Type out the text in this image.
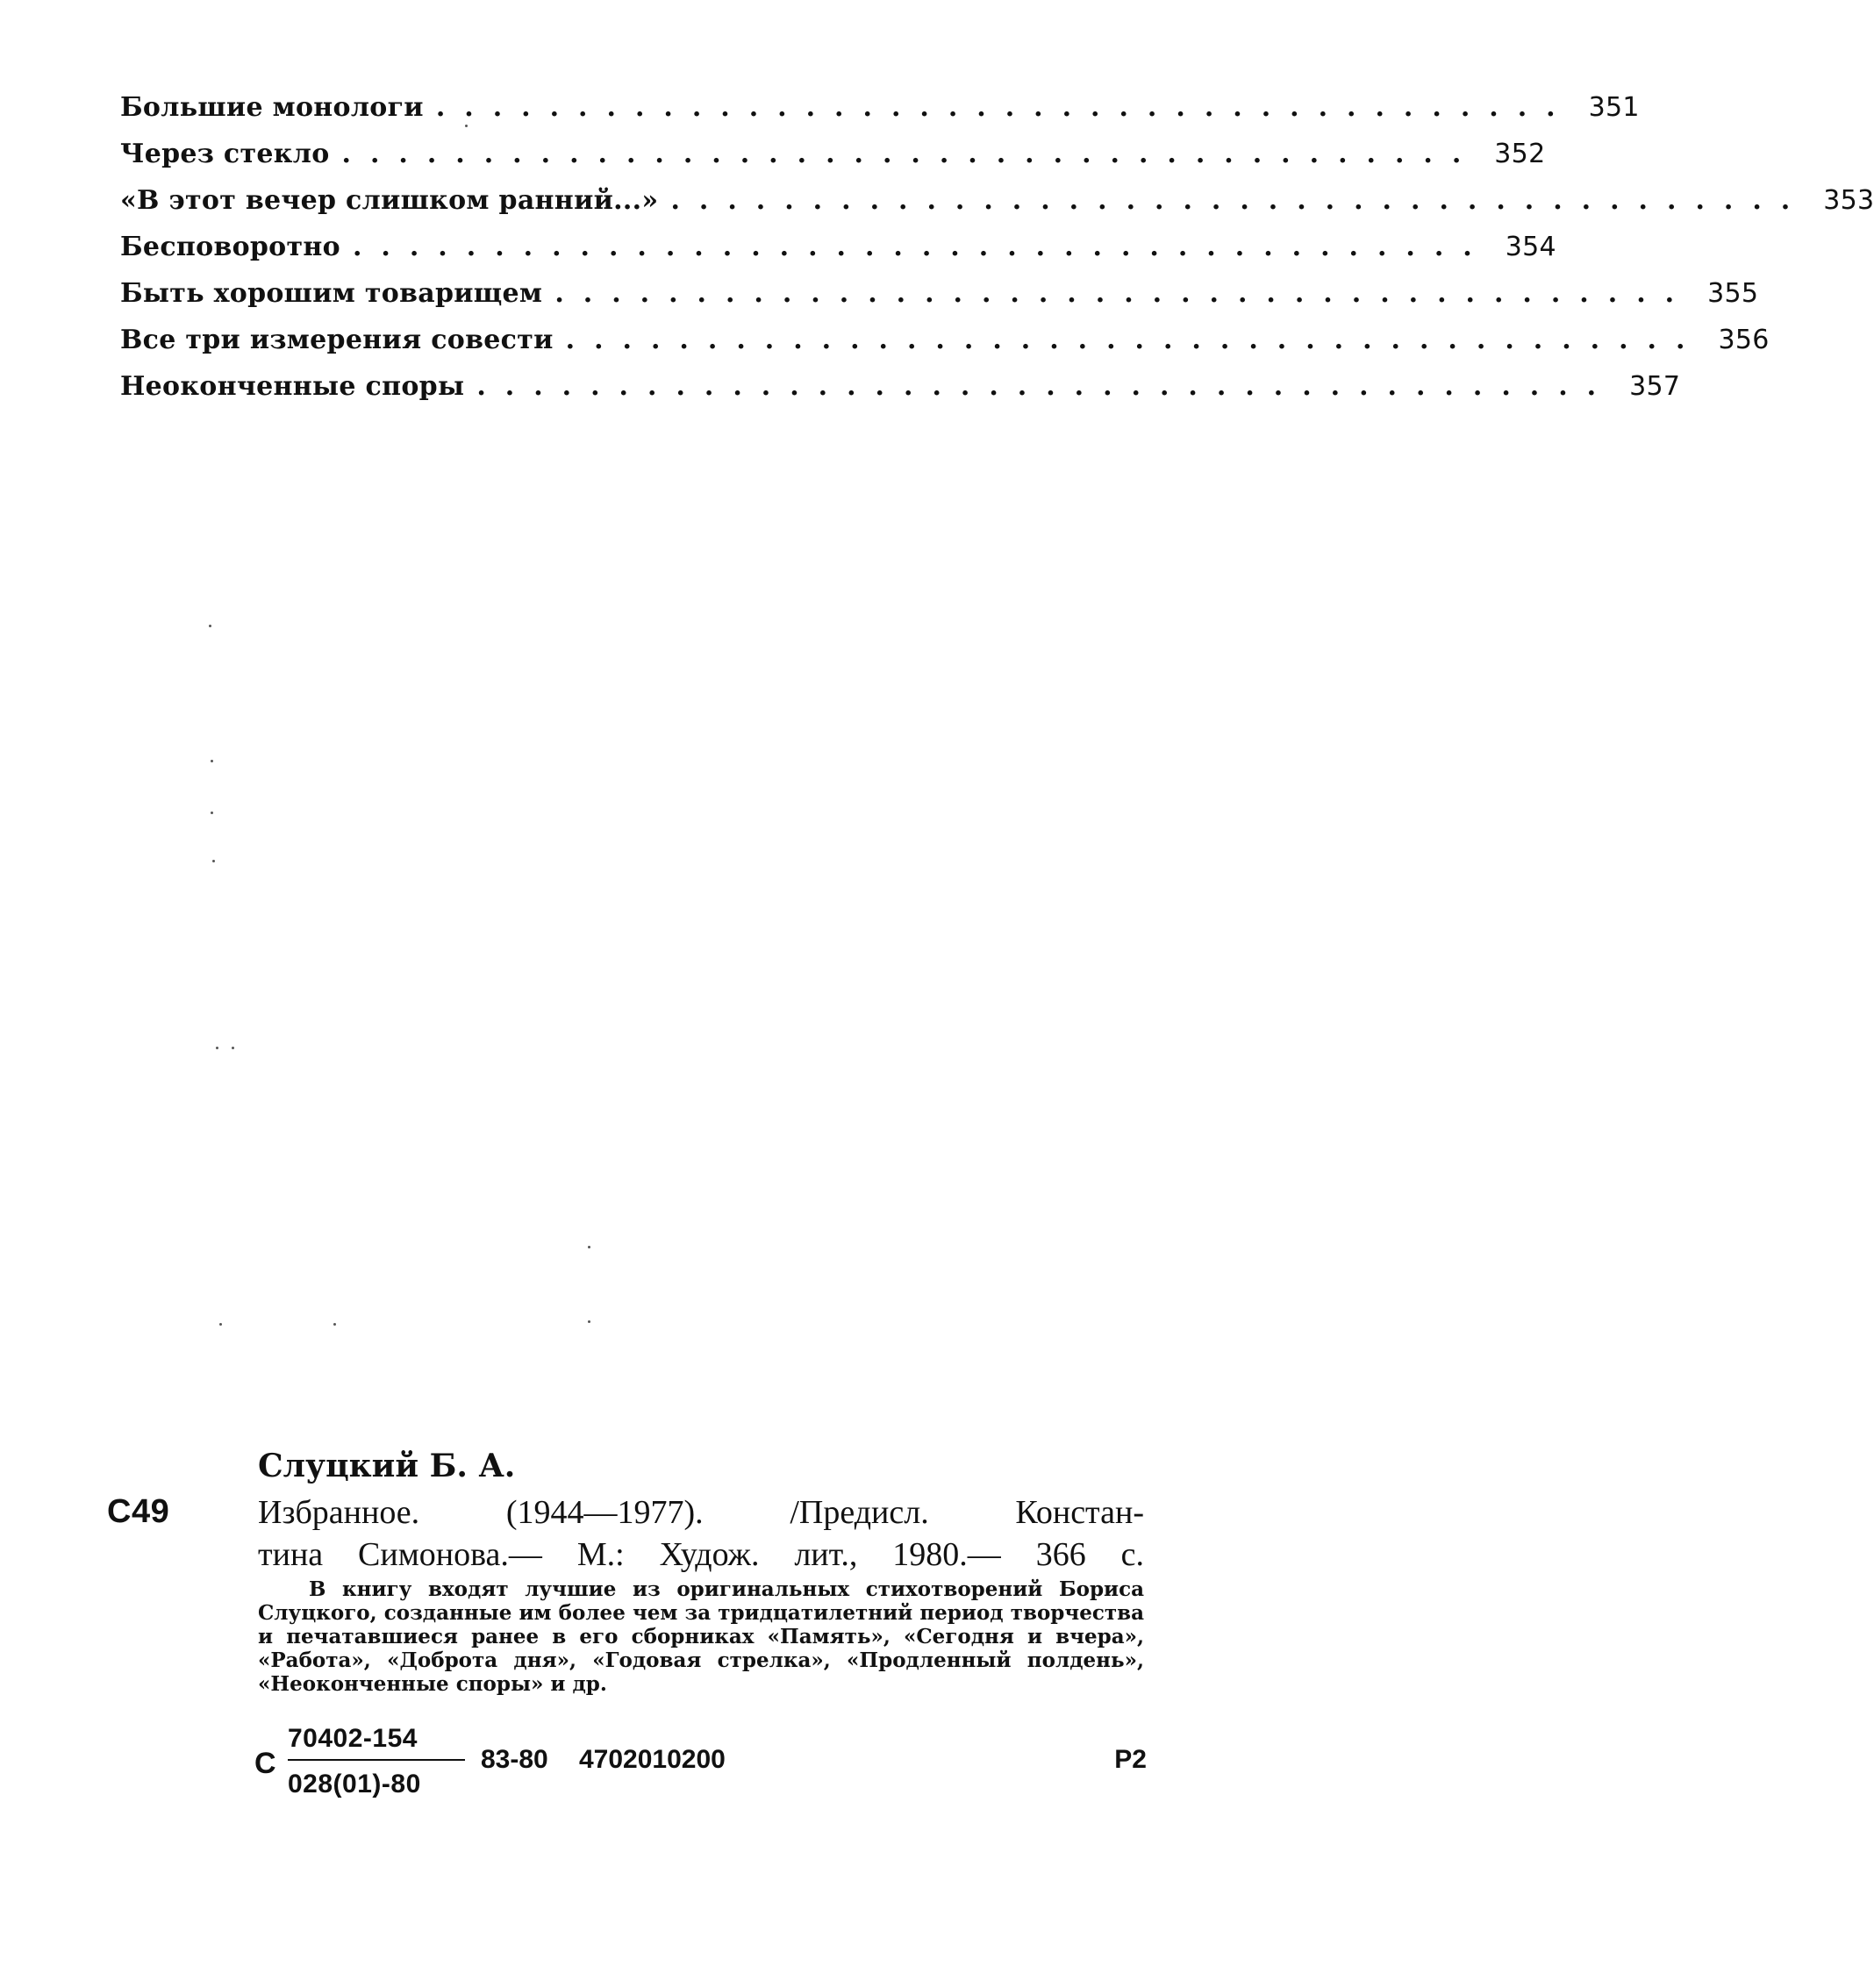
Большие монологи ........................................ 351
Через стекло ........................................ 352
«В этот вечер слишком ранний...» ........................................ 353
Бесповоротно ........................................ 354
Быть хорошим товарищем ........................................ 355
Все три измерения совести ........................................ 356
Неоконченные споры ........................................ 357
Слуцкий Б. А.
С49	Избранное. (1944—1977). /Предисл. Констан-
тина Симонова.— М.: Худож. лит., 1980.— 366 с.
В книгу входят лучшие из оригинальных стихотворений Бориса Слуцкого, созданные им более чем за тридцатилетний период творчества и печатавшиеся ранее в его сборниках «Память», «Сегодня и вчера», «Работа», «Доброта дня», «Годовая стрелка», «Продленный полдень», «Неоконченные споры» и др.
С
70402-154
028(01)-80
83-80 4702010200	Р2
